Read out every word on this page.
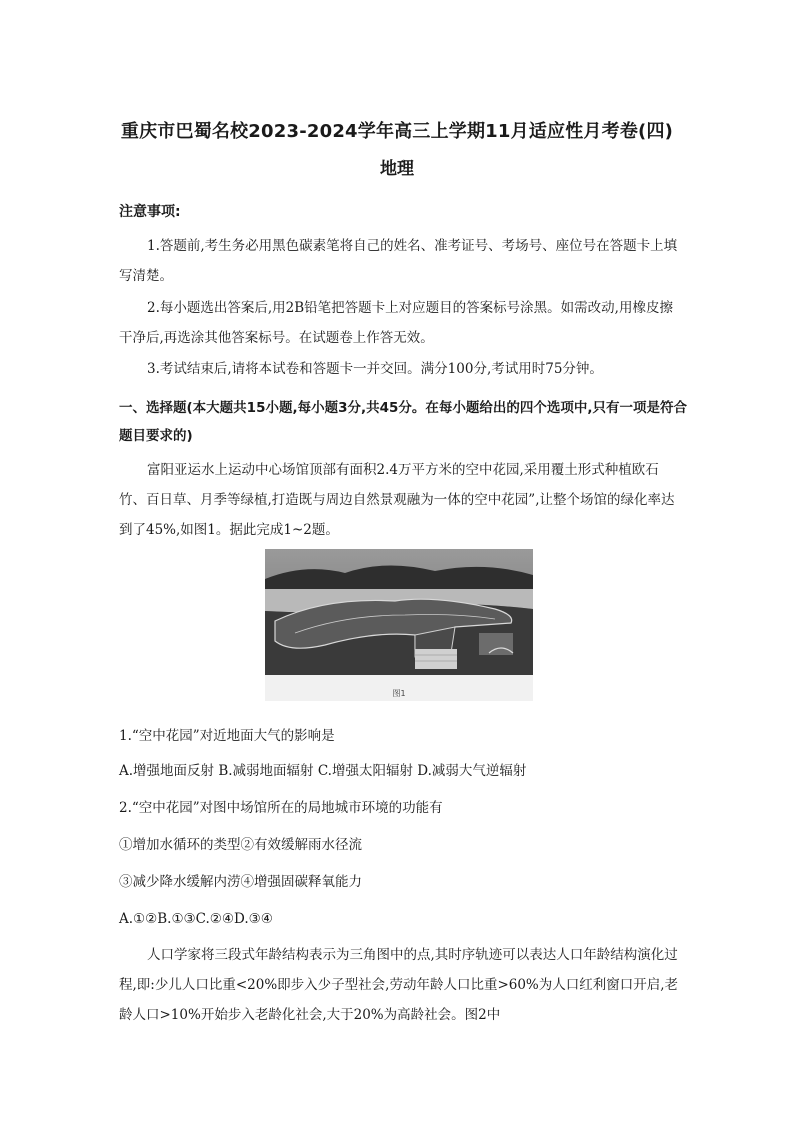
重庆市巴蜀名校2023-2024学年高三上学期11月适应性月考卷(四)
地理
注意事项:
1.答题前,考生务必用黑色碳素笔将自己的姓名、准考证号、考场号、座位号在答题卡上填写清楚。
2.每小题选出答案后,用2B铅笔把答题卡上对应题目的答案标号涂黑。如需改动,用橡皮擦干净后,再选涂其他答案标号。在试题卷上作答无效。
3.考试结束后,请将本试卷和答题卡一并交回。满分100分,考试用时75分钟。
一、选择题(本大题共15小题,每小题3分,共45分。在每小题给出的四个选项中,只有一项是符合题目要求的)
富阳亚运水上运动中心场馆顶部有面积2.4万平方米的空中花园,采用覆土形式种植欧石竹、百日草、月季等绿植,打造既与周边自然景观融为一体的空中花园”,让整个场馆的绿化率达到了45%,如图1。据此完成1~2题。
图1
1.“空中花园”对近地面大气的影响是
A.增强地面反射 B.减弱地面辐射 C.增强太阳辐射 D.减弱大气逆辐射
2.“空中花园”对图中场馆所在的局地城市环境的功能有
①增加水循环的类型②有效缓解雨水径流
③减少降水缓解内涝④增强固碳释氧能力
A.①②B.①③C.②④D.③④
人口学家将三段式年龄结构表示为三角图中的点,其时序轨迹可以表达人口年龄结构演化过程,即:少儿人口比重<20%即步入少子型社会,劳动年龄人口比重>60%为人口红利窗口开启,老龄人口>10%开始步入老龄化社会,大于20%为高龄社会。图2中
